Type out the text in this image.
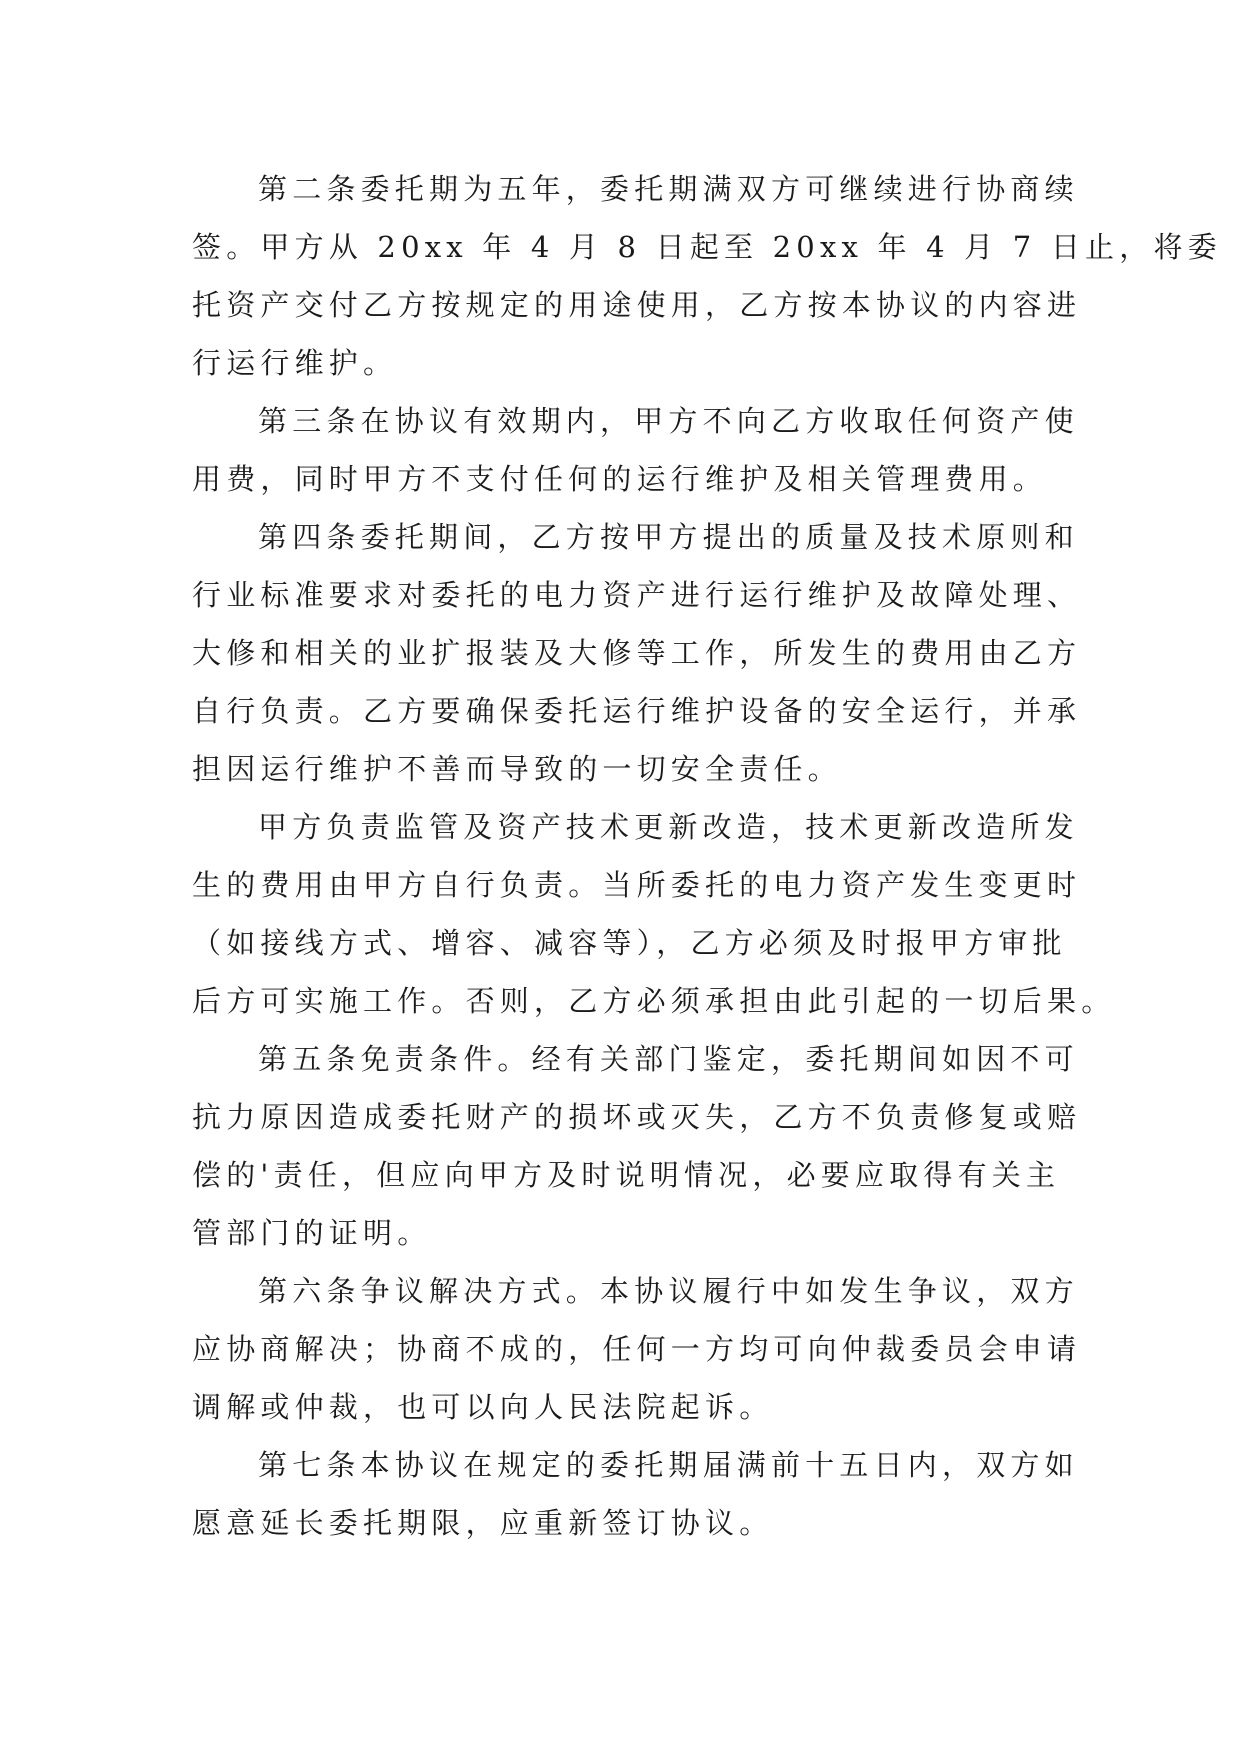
第二条委托期为五年，委托期满双方可继续进行协商续
签。甲方从 20xx 年 4 月 8 日起至 20xx 年 4 月 7 日止，将委
托资产交付乙方按规定的用途使用，乙方按本协议的内容进
行运行维护。
第三条在协议有效期内，甲方不向乙方收取任何资产使
用费，同时甲方不支付任何的运行维护及相关管理费用。
第四条委托期间，乙方按甲方提出的质量及技术原则和
行业标准要求对委托的电力资产进行运行维护及故障处理、
大修和相关的业扩报装及大修等工作，所发生的费用由乙方
自行负责。乙方要确保委托运行维护设备的安全运行，并承
担因运行维护不善而导致的一切安全责任。
甲方负责监管及资产技术更新改造，技术更新改造所发
生的费用由甲方自行负责。当所委托的电力资产发生变更时
（如接线方式、增容、减容等），乙方必须及时报甲方审批
后方可实施工作。否则，乙方必须承担由此引起的一切后果。
第五条免责条件。经有关部门鉴定，委托期间如因不可
抗力原因造成委托财产的损坏或灭失，乙方不负责修复或赔
偿的'责任，但应向甲方及时说明情况，必要应取得有关主
管部门的证明。
第六条争议解决方式。本协议履行中如发生争议，双方
应协商解决；协商不成的，任何一方均可向仲裁委员会申请
调解或仲裁，也可以向人民法院起诉。
第七条本协议在规定的委托期届满前十五日内，双方如
愿意延长委托期限，应重新签订协议。
